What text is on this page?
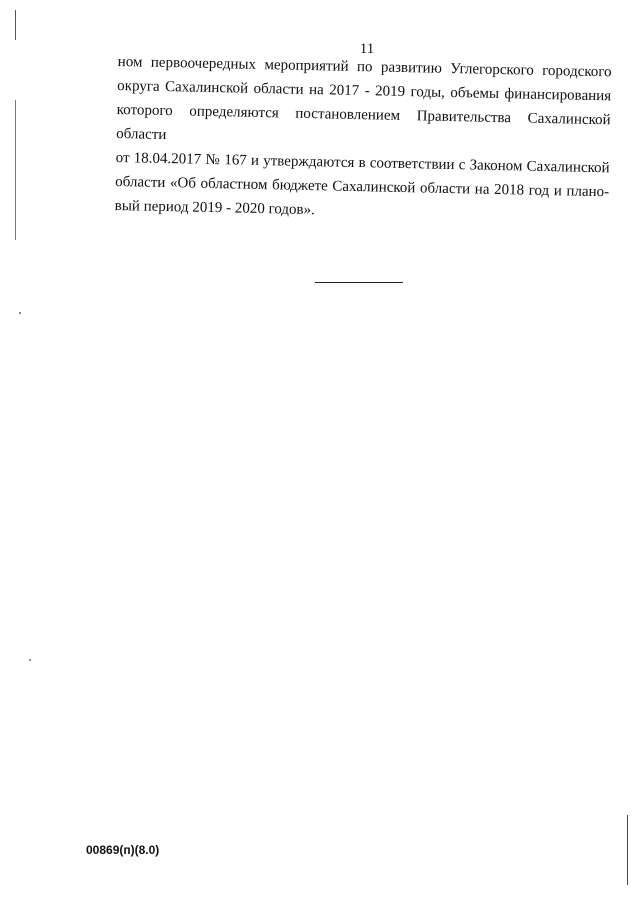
11
ном первоочередных мероприятий по развитию Углегорского городского
округа Сахалинской области на 2017 - 2019 годы, объемы финансирования
которого определяются постановлением Правительства Сахалинской области
от 18.04.2017 № 167 и утверждаются в соответствии с Законом Сахалинской
области «Об областном бюджете Сахалинской области на 2018 год и плано-
вый период 2019 - 2020 годов».
00869(п)(8.0)
